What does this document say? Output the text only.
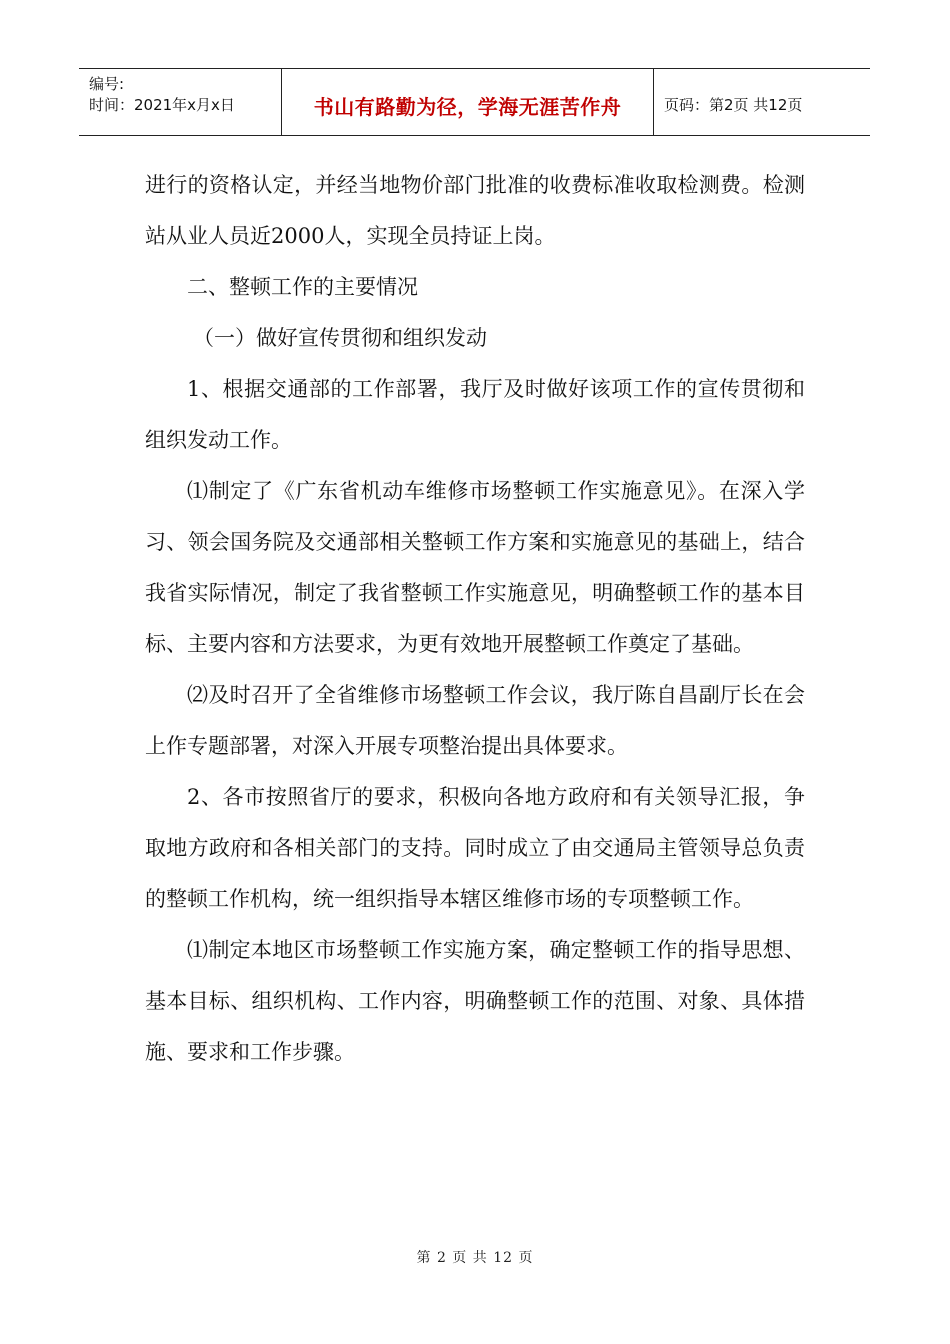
编号:
时间：2021年x月x日	书山有路勤为径，学海无涯苦作舟	页码：第2页 共12页

进行的资格认定，并经当地物价部门批准的收费标准收取检测费。检测站从业人员近2000人，实现全员持证上岗。

二、整顿工作的主要情况

（一）做好宣传贯彻和组织发动

1、根据交通部的工作部署，我厅及时做好该项工作的宣传贯彻和组织发动工作。

⑴制定了《广东省机动车维修市场整顿工作实施意见》。在深入学习、领会国务院及交通部相关整顿工作方案和实施意见的基础上，结合我省实际情况，制定了我省整顿工作实施意见，明确整顿工作的基本目标、主要内容和方法要求，为更有效地开展整顿工作奠定了基础。

⑵及时召开了全省维修市场整顿工作会议，我厅陈自昌副厅长在会上作专题部署，对深入开展专项整治提出具体要求。

2、各市按照省厅的要求，积极向各地方政府和有关领导汇报，争取地方政府和各相关部门的支持。同时成立了由交通局主管领导总负责的整顿工作机构，统一组织指导本辖区维修市场的专项整顿工作。

⑴制定本地区市场整顿工作实施方案，确定整顿工作的指导思想、基本目标、组织机构、工作内容，明确整顿工作的范围、对象、具体措施、要求和工作步骤。

第 2 页 共 12 页
